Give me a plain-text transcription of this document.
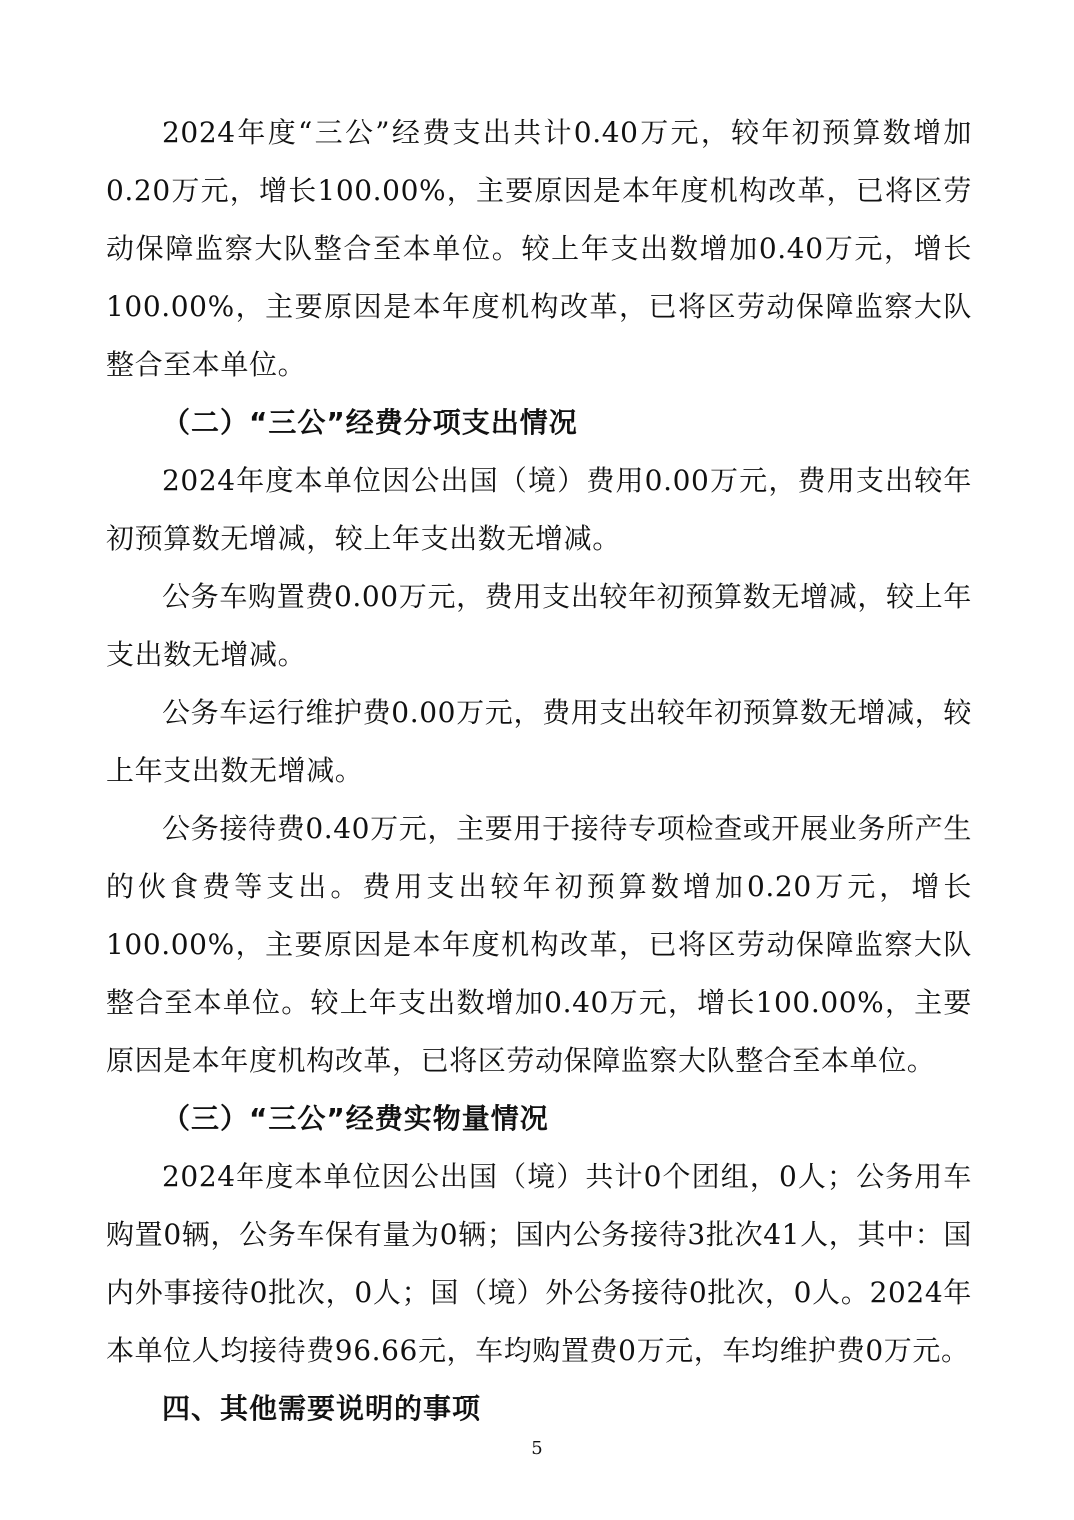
2024年度“三公”经费支出共计0.40万元，较年初预算数增加0.20万元，增长100.00%，主要原因是本年度机构改革，已将区劳动保障监察大队整合至本单位。较上年支出数增加0.40万元，增长100.00%，主要原因是本年度机构改革，已将区劳动保障监察大队整合至本单位。

（二）“三公”经费分项支出情况

2024年度本单位因公出国（境）费用0.00万元，费用支出较年初预算数无增减，较上年支出数无增减。

公务车购置费0.00万元，费用支出较年初预算数无增减，较上年支出数无增减。

公务车运行维护费0.00万元，费用支出较年初预算数无增减，较上年支出数无增减。

公务接待费0.40万元，主要用于接待专项检查或开展业务所产生的伙食费等支出。费用支出较年初预算数增加0.20万元，增长100.00%，主要原因是本年度机构改革，已将区劳动保障监察大队整合至本单位。较上年支出数增加0.40万元，增长100.00%，主要原因是本年度机构改革，已将区劳动保障监察大队整合至本单位。

（三）“三公”经费实物量情况

2024年度本单位因公出国（境）共计0个团组，0人；公务用车购置0辆，公务车保有量为0辆；国内公务接待3批次41人，其中：国内外事接待0批次，0人；国（境）外公务接待0批次，0人。2024年本单位人均接待费96.66元，车均购置费0万元，车均维护费0万元。

四、其他需要说明的事项

5
